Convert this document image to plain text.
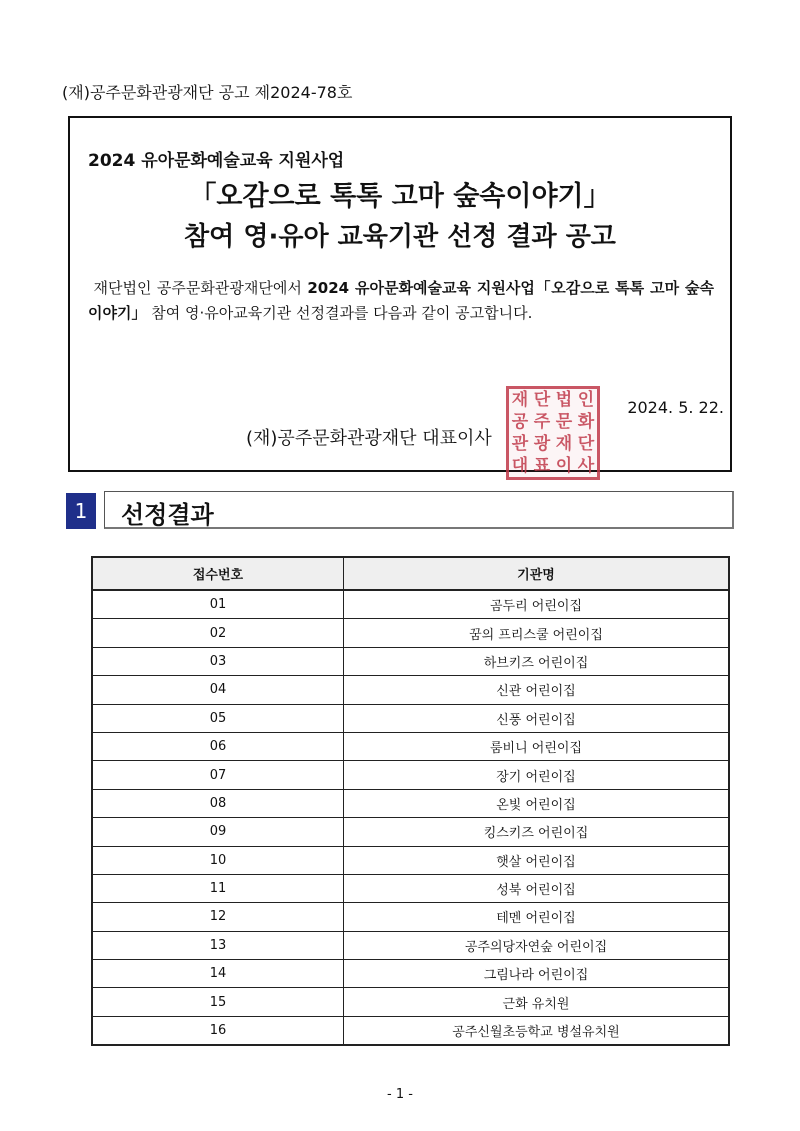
(재)공주문화관광재단 공고 제2024-78호
2024 유아문화예술교육 지원사업
「오감으로 톡톡 고마 숲속이야기」
참여 영·유아 교육기관 선정 결과 공고
재단법인 공주문화관광재단에서 2024 유아문화예술교육 지원사업「오감으로 톡톡 고마 숲속이야기」 참여 영·유아교육기관 선정결과를 다음과 같이 공고합니다.
재 단 법 인
공 주 문 화
관 광 재 단
대 표 이 사
2024. 5. 22.
(재)공주문화관광재단 대표이사
1	선정결과
접수번호	기관명
01	곰두리 어린이집
02	꿈의 프리스쿨 어린이집
03	하브키즈 어린이집
04	신관 어린이집
05	신풍 어린이집
06	룸비니 어린이집
07	장기 어린이집
08	온빛 어린이집
09	킹스키즈 어린이집
10	햇살 어린이집
11	성북 어린이집
12	테멘 어린이집
13	공주의당자연숲 어린이집
14	그림나라 어린이집
15	근화 유치원
16	공주신월초등학교 병설유치원
- 1 -
